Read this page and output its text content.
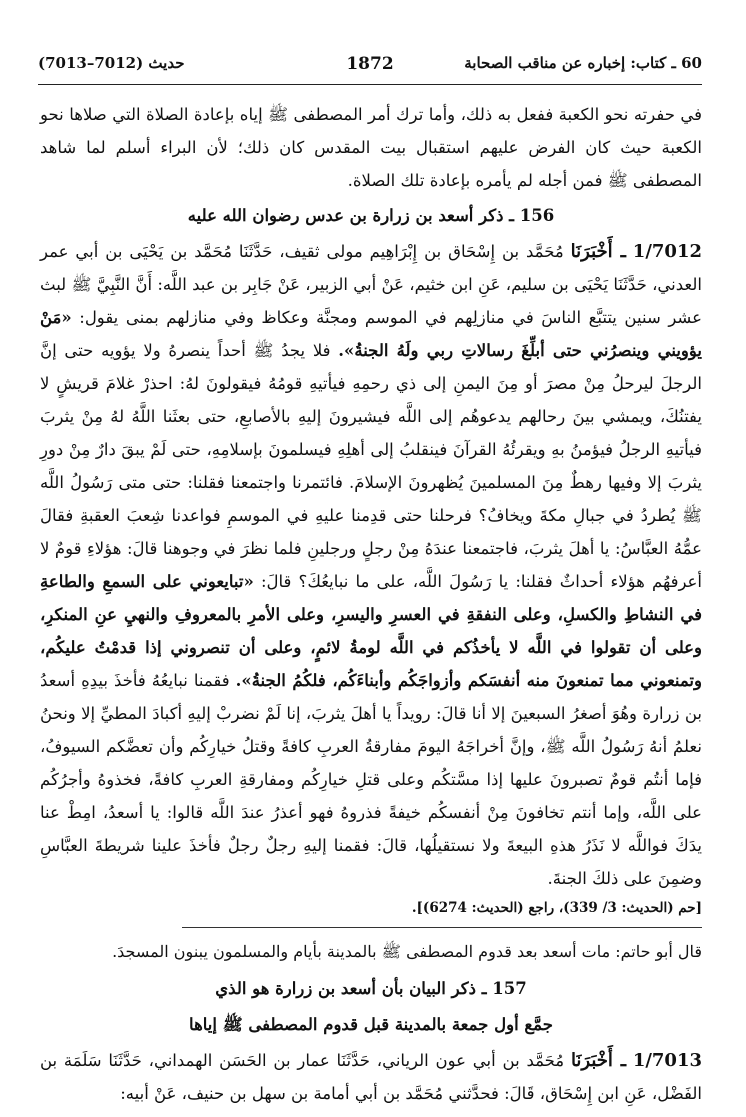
60 ـ كتاب: إخباره عن مناقب الصحابة
1872
حديث (7012–7013)

في حفرته نحو الكعبة ففعل به ذلك، وأما ترك أمر المصطفى ﷺ إياه بإعادة الصلاة التي صلاها نحو الكعبة حيث كان الفرض عليهم استقبال بيت المقدس كان ذلك؛ لأن البراء أسلم لما شاهد المصطفى ﷺ فمن أجله لم يأمره بإعادة تلك الصلاة.

156 ـ ذكر أسعد بن زرارة بن عدس رضوان الله عليه

1/7012 ـ أَخْبَرَنَا مُحَمَّد بن إِسْحَاق بن إِبْرَاهِيم مولى ثقيف، حَدَّثَنَا مُحَمَّد بن يَحْيَى بن أبي عمر العدني، حَدَّثَنَا يَحْيَى بن سليم، عَنِ ابن خثيم، عَنْ أبي الزبير، عَنْ جَابِر بن عبد اللَّه: أَنَّ النَّبِيَّ ﷺ لبث عشر سنين يتتبَّع الناسَ في منازلِهم في الموسم ومجنَّة وعكاظ وفي منازلهم بمنى يقول: «مَنْ يؤويني وينصرُني حتى أبلِّغَ رسالاتِ ربي ولَهُ الجنةُ». فلا يجدُ ﷺ أحداً ينصرهُ ولا يؤويه حتى إنَّ الرجلَ ليرحلُ مِنْ مصرَ أو مِنَ اليمنِ إلى ذي رحمِهِ فيأتيهِ قومُهُ فيقولونَ لهُ: احذرْ غلامَ قريشٍ لا يفتنُكَ، ويمشي بينَ رحالهم يدعوهُم إلى اللَّه فيشيرونَ إليهِ بالأصابعِ، حتى بعثَنا اللَّهُ لهُ مِنْ يثربَ فيأتيهِ الرجلُ فيؤمنُ بهِ ويقرئُهُ القرآنَ فينقلبُ إلى أهلِهِ فيسلمونَ بإسلامِهِ، حتى لَمْ يبقَ دارٌ مِنْ دورِ يثربَ إلا وفيها رهطٌ مِنَ المسلمينَ يُظهرونَ الإسلامَ. فائتمرنا واجتمعنا فقلنا: حتى متى رَسُولُ اللَّه ﷺ يُطردُ في جبالِ مكةَ ويخافُ؟ فرحلنا حتى قدِمنا عليهِ في الموسمِ فواعدنا شِعبَ العقبةِ فقالَ عمُّهُ العبَّاسُ: يا أهلَ يثربَ، فاجتمعنا عندَهُ مِنْ رجلٍ ورجلينِ فلما نظرَ في وجوهنا قالَ: هؤلاءِ قومٌ لا أعرفهُم هؤلاء أحداثٌ فقلنا: يا رَسُولَ اللَّه، على ما نبايعُكَ؟ قالَ: «تبايعوني على السمعِ والطاعةِ في النشاطِ والكسلِ، وعلى النفقةِ في العسرِ واليسرِ، وعلى الأمرِ بالمعروفِ والنهيِ عنِ المنكرِ، وعلى أن تقولوا في اللَّه لا يأخذُكم في اللَّه لومةُ لائمٍ، وعلى أن تنصروني إذا قدمْتُ عليكُم، وتمنعوني مما تمنعونَ منه أنفسَكم وأزواجَكُم وأبناءَكُم، فلكُمُ الجنةُ». فقمنا نبايعُهُ فأخذَ بيدِهِ أسعدُ بن زرارة وهُوَ أصغرُ السبعينَ إلا أنا قالَ: رويداً يا أهلَ يثربَ، إنا لَمْ نضربْ إليهِ أكبادَ المطيِّ إلا ونحنُ نعلمُ أنهُ رَسُولُ اللَّه ﷺ، وإنَّ أخراجَهُ اليومَ مفارقةُ العربِ كافةً وقتلُ خيارِكُم وأن تعضَّكم السيوفُ، فإما أنتُم قومٌ تصبرونَ عليها إذا مسَّتكُم وعلى قتلِ خيارِكُم ومفارقةِ العربِ كافةً، فخذوهُ وأجرُكُم على اللَّه، وإما أنتم تخافونَ مِنْ أنفسكُم خيفةً فذروهُ فهو أعذرُ عندَ اللَّه قالوا: يا أسعدُ، امِطْ عنا يدَكَ فواللَّه لا نَذَرُ هذهِ البيعةَ ولا نستقيلُها، قالَ: فقمنا إليهِ رجلٌ رجلٌ فأخذَ علينا شريطةَ العبَّاسِ وضمِنَ على ذلكَ الجنةَ.

[حم (الحديث: 3/ 339)، راجع (الحديث: 6274)].

قال أبو حاتم: مات أسعد بعد قدوم المصطفى ﷺ بالمدينة بأيام والمسلمون يبنون المسجدَ.

157 ـ ذكر البيان بأن أسعد بن زرارة هو الذي
جمَّع أول جمعة بالمدينة قبل قدوم المصطفى ﷺ إياها

1/7013 ـ أَخْبَرَنَا مُحَمَّد بن أبي عون الرياني، حَدَّثَنَا عمار بن الحَسَن الهمداني، حَدَّثَنَا سَلَمَة بن الفَضْل، عَنِ ابن إِسْحَاق، قَالَ: فحدَّثني مُحَمَّد بن أبي أمامة بن سهل بن حنيف، عَنْ أبيه:
